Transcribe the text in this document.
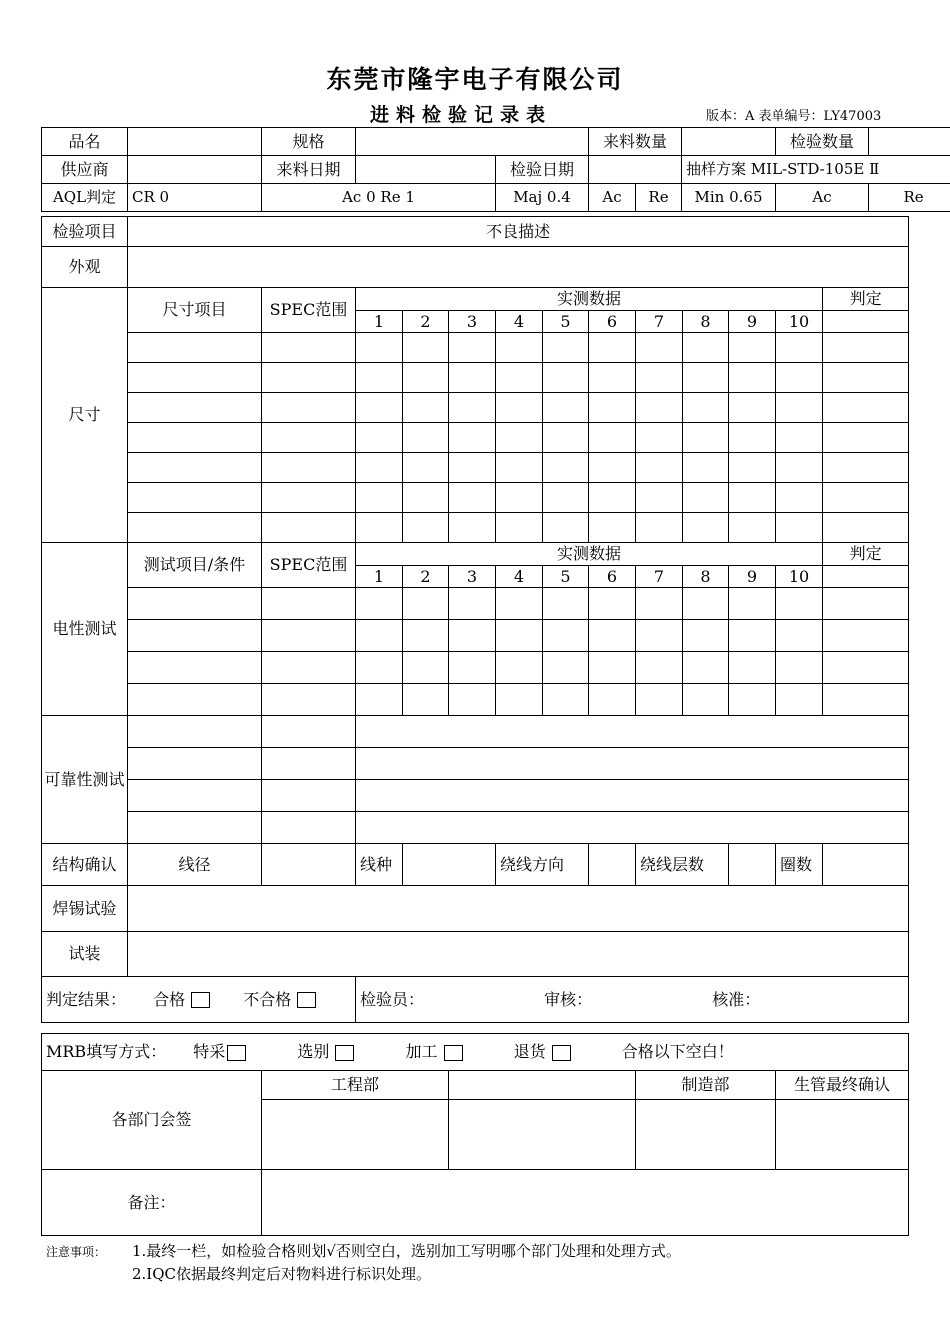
东莞市隆宇电子有限公司
进料检验记录表	版本：A 表单编号：LY47003
品名		规格			来料数量			检验数量	
供应商		来料日期		检验日期			抽样方案 MIL-STD-105E Ⅱ		
AQL判定	CR 0	Ac 0 Re 1		Maj 0.4	Ac	Re	Min 0.65	Ac	Re
检验项目	不良描述												
外观													
尺寸	尺寸项目	SPEC范围	实测数据										判定
			1	2	3	4	5	6	7	8	9	10	

电性测试	测试项目/条件	SPEC范围	实测数据										判定
			1	2	3	4	5	6	7	8	9	10	

可靠性测试													

结构确认	线径		线种			绕线方向			绕线层数			圈数	
焊锡试验													
试装													
判定结果： 合格 不合格			检验员： 审核： 核准：										
MRB填写方式： 特采 选别 加工 退货 合格以下空白！				
各部门会签	工程部		制造部	生管最终确认

备注：				
注意事项： 1.最终一栏，如检验合格则划√否则空白，选别加工写明哪个部门处理和处理方式。
2.IQC依据最终判定后对物料进行标识处理。
